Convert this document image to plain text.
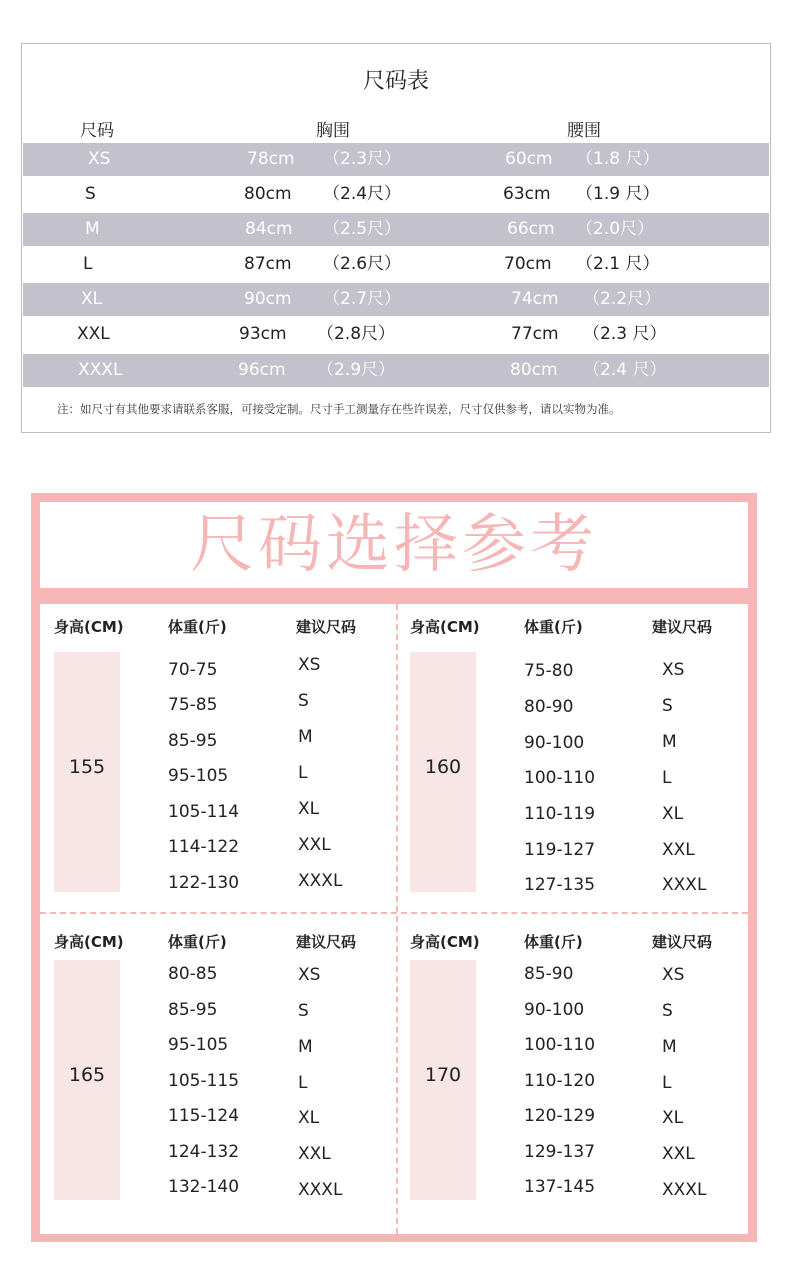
尺码表
尺码	胸围	腰围
XS	78cm （2.3尺）	60cm （1.8 尺）
S	80cm （2.4尺）	63cm （1.9 尺）
M	84cm （2.5尺）	66cm （2.0尺）
L	87cm （2.6尺）	70cm （2.1 尺）
XL	90cm （2.7尺）	74cm （2.2尺）
XXL	93cm （2.8尺）	77cm （2.3 尺）
XXXL	96cm （2.9尺）	80cm （2.4 尺）
注：如尺寸有其他要求请联系客服，可接受定制。尺寸手工测量存在些许误差，尺寸仅供参考，请以实物为准。
尺码选择参考
身高(CM)	体重(斤)	建议尺码
155
70-75	XS
75-85	S
85-95	M
95-105	L
105-114	XL
114-122	XXL
122-130	XXXL
身高(CM)	体重(斤)	建议尺码
160
75-80	XS
80-90	S
90-100	M
100-110	L
110-119	XL
119-127	XXL
127-135	XXXL
身高(CM)	体重(斤)	建议尺码
165
80-85	XS
85-95	S
95-105	M
105-115	L
115-124	XL
124-132	XXL
132-140	XXXL
身高(CM)	体重(斤)	建议尺码
170
85-90	XS
90-100	S
100-110	M
110-120	L
120-129	XL
129-137	XXL
137-145	XXXL
